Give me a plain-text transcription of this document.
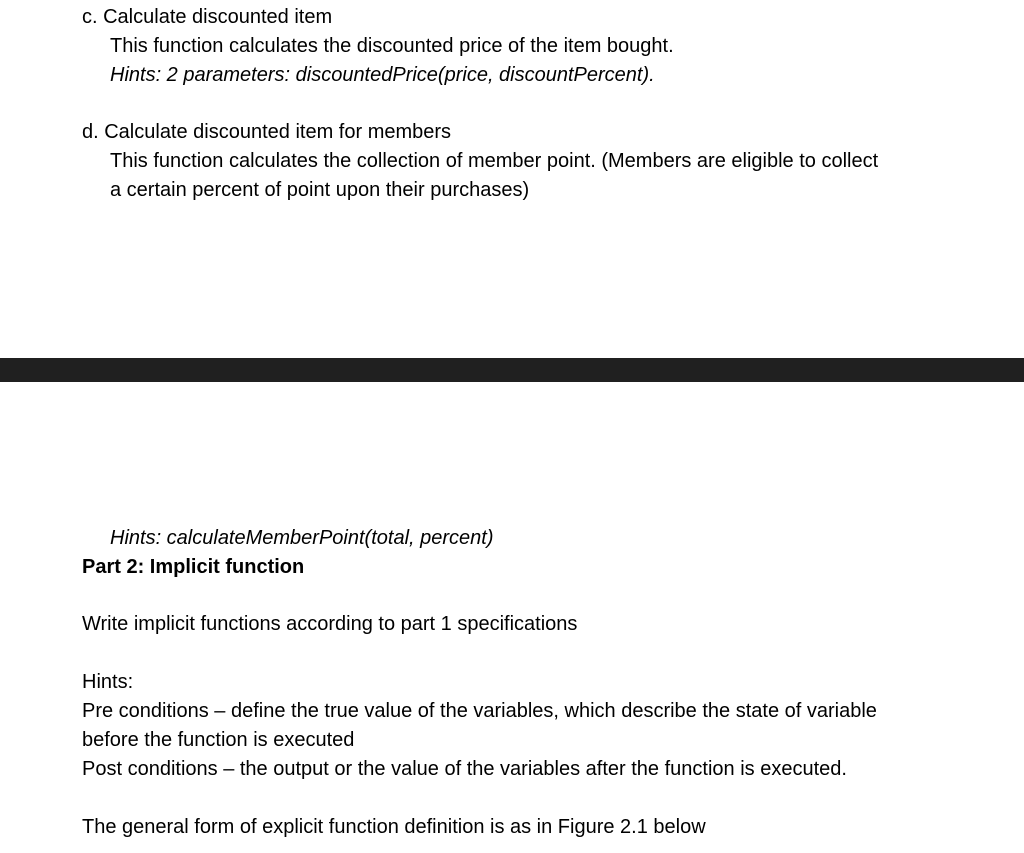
c. Calculate discounted item
This function calculates the discounted price of the item bought.
Hints: 2 parameters: discountedPrice(price, discountPercent).
d. Calculate discounted item for members
This function calculates the collection of member point. (Members are eligible to collect
a certain percent of point upon their purchases)
Hints: calculateMemberPoint(total, percent)
Part 2: Implicit function
Write implicit functions according to part 1 specifications
Hints:
Pre conditions – define the true value of the variables, which describe the state of variable
before the function is executed
Post conditions – the output or the value of the variables after the function is executed.
The general form of explicit function definition is as in Figure 2.1 below
